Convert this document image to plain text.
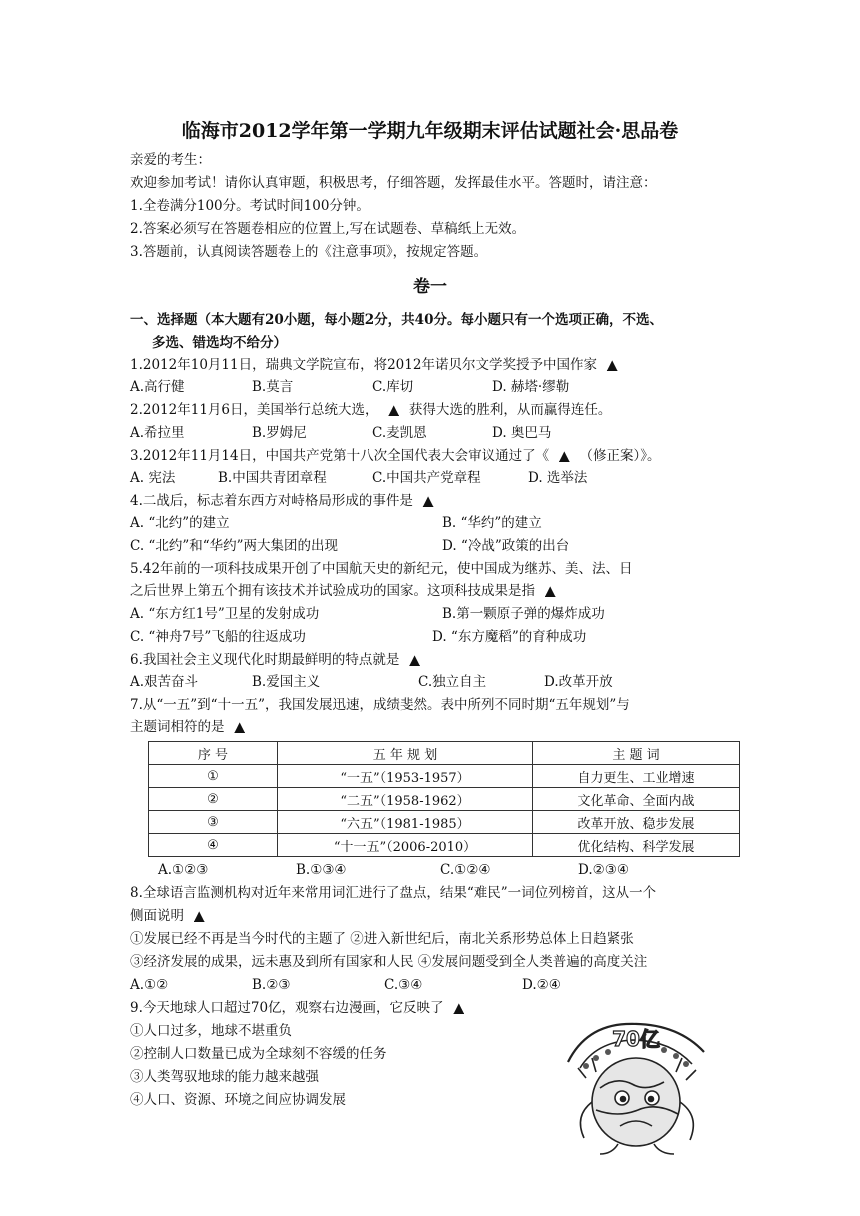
临海市2012学年第一学期九年级期末评估试题社会·思品卷
亲爱的考生：
欢迎参加考试！请你认真审题，积极思考，仔细答题，发挥最佳水平。答题时，请注意：
1.全卷满分100分。考试时间100分钟。
2.答案必须写在答题卷相应的位置上,写在试题卷、草稿纸上无效。
3.答题前，认真阅读答题卷上的《注意事项》，按规定答题。
卷一
一、选择题（本大题有20小题，每小题2分，共40分。每小题只有一个选项正确，不选、
多选、错选均不给分）
1.2012年10月11日，瑞典文学院宣布，将2012年诺贝尔文学奖授予中国作家 ▲
A.高行健	B.莫言	C.库切	D. 赫塔·缪勒
2.2012年11月6日，美国举行总统大选， ▲ 获得大选的胜利，从而赢得连任。
A.希拉里	B.罗姆尼	C.麦凯恩	D. 奥巴马
3.2012年11月14日，中国共产党第十八次全国代表大会审议通过了《 ▲ （修正案）》。
A. 宪法	B.中国共青团章程	C.中国共产党章程	D. 选举法
4.二战后，标志着东西方对峙格局形成的事件是 ▲
A. “北约”的建立	B. “华约”的建立
C. “北约”和“华约”两大集团的出现	D. “冷战”政策的出台
5.42年前的一项科技成果开创了中国航天史的新纪元，使中国成为继苏、美、法、日
之后世界上第五个拥有该技术并试验成功的国家。这项科技成果是指 ▲
A. “东方红1号”卫星的发射成功	B.第一颗原子弹的爆炸成功
C. “神舟7号”飞船的往返成功	D. “东方魔稻”的育种成功
6.我国社会主义现代化时期最鲜明的特点就是 ▲
A.艰苦奋斗	B.爱国主义	C.独立自主	D.改革开放
7.从“一五”到“十一五”，我国发展迅速，成绩斐然。表中所列不同时期“五年规划”与
主题词相符的是 ▲
序 号	五 年 规 划	主 题 词
①	“一五”（1953-1957）	自力更生、工业增速
②	“二五”（1958-1962）	文化革命、全面内战
③	“六五”（1981-1985）	改革开放、稳步发展
④	“十一五”（2006-2010）	优化结构、科学发展
A.①②③	B.①③④	C.①②④	D.②③④
8.全球语言监测机构对近年来常用词汇进行了盘点，结果“难民”一词位列榜首，这从一个
侧面说明 ▲
①发展已经不再是当今时代的主题了 ②进入新世纪后，南北关系形势总体上日趋紧张
③经济发展的成果，远未惠及到所有国家和人民 ④发展问题受到全人类普遍的高度关注
A.①②	B.②③	C.③④	D.②④
9.今天地球人口超过70亿，观察右边漫画，它反映了 ▲
①人口过多，地球不堪重负
②控制人口数量已成为全球刻不容缓的任务
③人类驾驭地球的能力越来越强
④人口、资源、环境之间应协调发展
70亿
